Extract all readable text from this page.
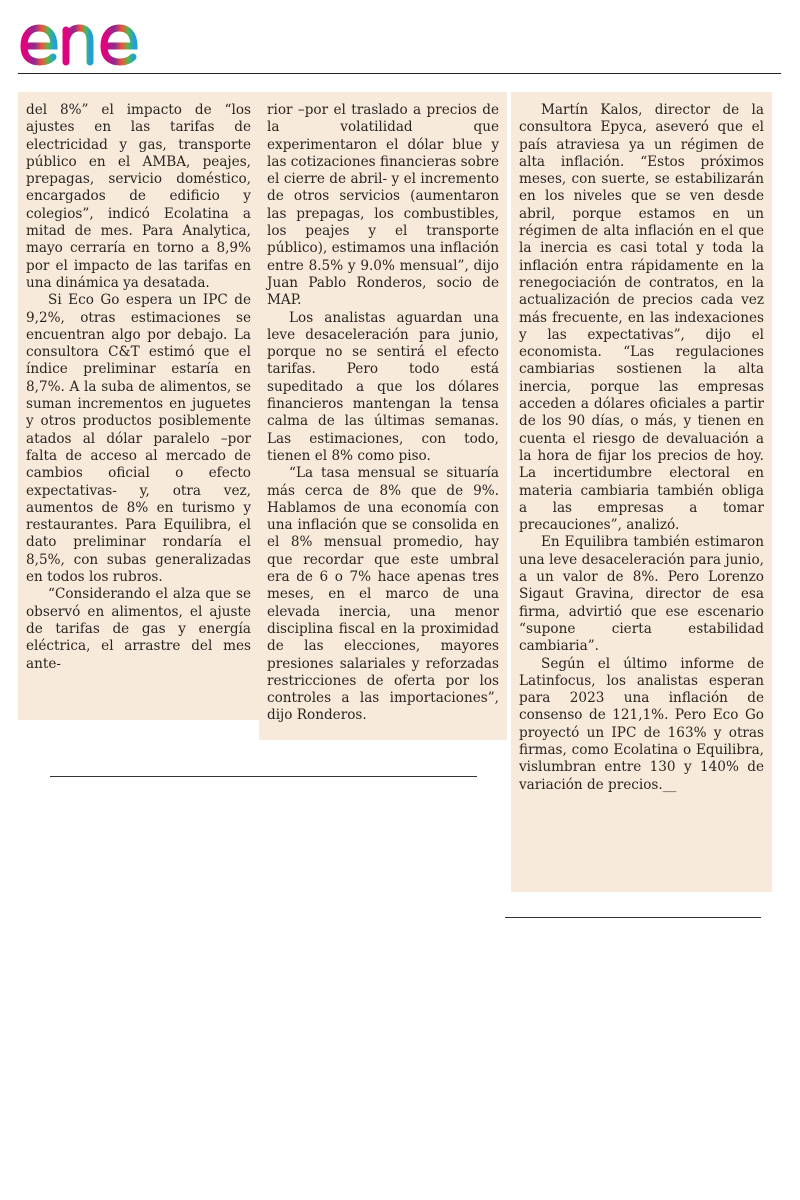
del 8%” el impacto de “los ajustes en las tarifas de electricidad y gas, transporte público en el AMBA, peajes, prepagas, servicio doméstico, encargados de edificio y colegios”, indicó Ecolatina a mitad de mes. Para Analytica, mayo cerraría en torno a 8,9% por el impacto de las tarifas en una dinámica ya desatada.

Si Eco Go espera un IPC de 9,2%, otras estimaciones se encuentran algo por debajo. La consultora C&T estimó que el índice preliminar estaría en 8,7%. A la suba de alimentos, se suman incrementos en juguetes y otros productos posiblemente atados al dólar paralelo –por falta de acceso al mercado de cambios oficial o efecto expectativas- y, otra vez, aumentos de 8% en turismo y restaurantes. Para Equilibra, el dato preliminar rondaría el 8,5%, con subas generalizadas en todos los rubros.

“Considerando el alza que se observó en alimentos, el ajuste de tarifas de gas y energía eléctrica, el arrastre del mes ante-

rior –por el traslado a precios de la volatilidad que experimentaron el dólar blue y las cotizaciones financieras sobre el cierre de abril- y el incremento de otros servicios (aumentaron las prepagas, los combustibles, los peajes y el transporte público), estimamos una inflación entre 8.5% y 9.0% mensual”, dijo Juan Pablo Ronderos, socio de MAP.

Los analistas aguardan una leve desaceleración para junio, porque no se sentirá el efecto tarifas. Pero todo está supeditado a que los dólares financieros mantengan la tensa calma de las últimas semanas. Las estimaciones, con todo, tienen el 8% como piso.

“La tasa mensual se situaría más cerca de 8% que de 9%. Hablamos de una economía con una inflación que se consolida en el 8% mensual promedio, hay que recordar que este umbral era de 6 o 7% hace apenas tres meses, en el marco de una elevada inercia, una menor disciplina fiscal en la proximidad de las elecciones, mayores presiones salariales y reforzadas restricciones de oferta por los controles a las importaciones”, dijo Ronderos.

Martín Kalos, director de la consultora Epyca, aseveró que el país atraviesa ya un régimen de alta inflación. “Estos próximos meses, con suerte, se estabilizarán en los niveles que se ven desde abril, porque estamos en un régimen de alta inflación en el que la inercia es casi total y toda la inflación entra rápidamente en la renegociación de contratos, en la actualización de precios cada vez más frecuente, en las indexaciones y las expectativas”, dijo el economista. “Las regulaciones cambiarias sostienen la alta inercia, porque las empresas acceden a dólares oficiales a partir de los 90 días, o más, y tienen en cuenta el riesgo de devaluación a la hora de fijar los precios de hoy. La incertidumbre electoral en materia cambiaria también obliga a las empresas a tomar precauciones”, analizó.

En Equilibra también estimaron una leve desaceleración para junio, a un valor de 8%. Pero Lorenzo Sigaut Gravina, director de esa firma, advirtió que ese escenario “supone cierta estabilidad cambiaria”.

Según el último informe de Latinfocus, los analistas esperan para 2023 una inflación de consenso de 121,1%. Pero Eco Go proyectó un IPC de 163% y otras firmas, como Ecolatina o Equilibra, vislumbran entre 130 y 140% de variación de precios.__
